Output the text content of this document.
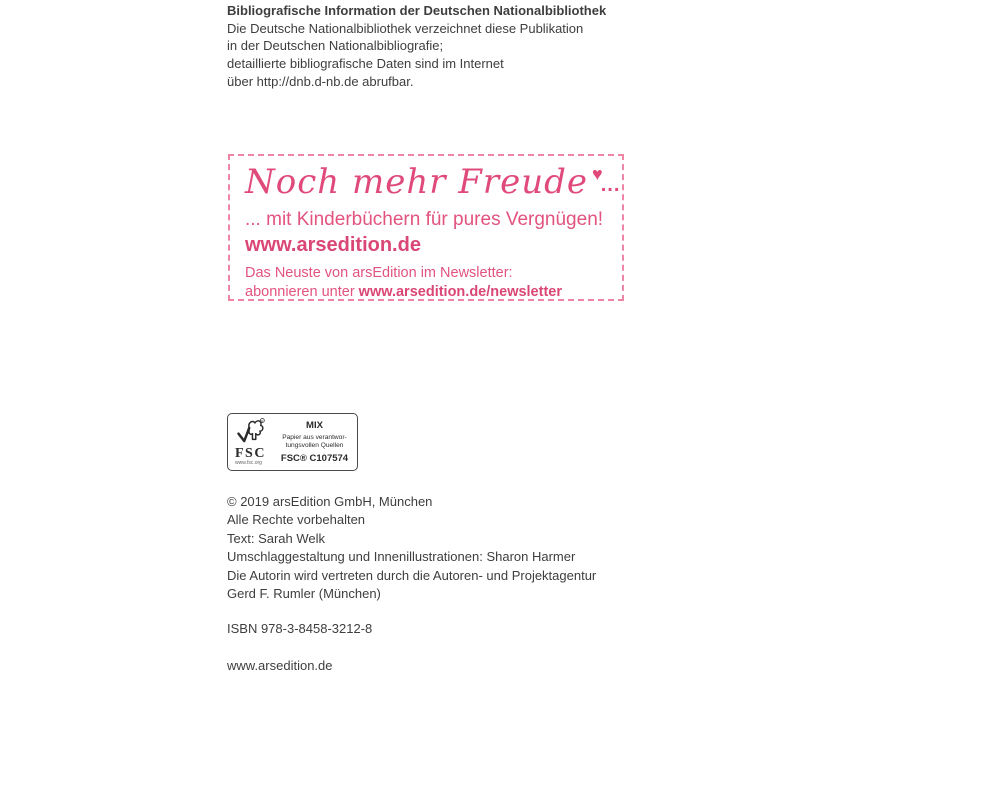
Bibliografische Information der Deutschen Nationalbibliothek
Die Deutsche Nationalbibliothek verzeichnet diese Publikation
in der Deutschen Nationalbibliografie;
detaillierte bibliografische Daten sind im Internet
über http://dnb.d-nb.de abrufbar.
Noch mehr Freude ♥...
... mit Kinderbüchern für pures Vergnügen!
www.arsedition.de
Das Neuste von arsEdition im Newsletter:
abonnieren unter www.arsedition.de/newsletter
R
FSC
www.fsc.org
MIX
Papier aus verantwor-
tungsvollen Quellen
FSC® C107574
© 2019 arsEdition GmbH, München
Alle Rechte vorbehalten
Text: Sarah Welk
Umschlaggestaltung und Innenillustrationen: Sharon Harmer
Die Autorin wird vertreten durch die Autoren- und Projektagentur
Gerd F. Rumler (München)
ISBN 978-3-8458-3212-8
www.arsedition.de
